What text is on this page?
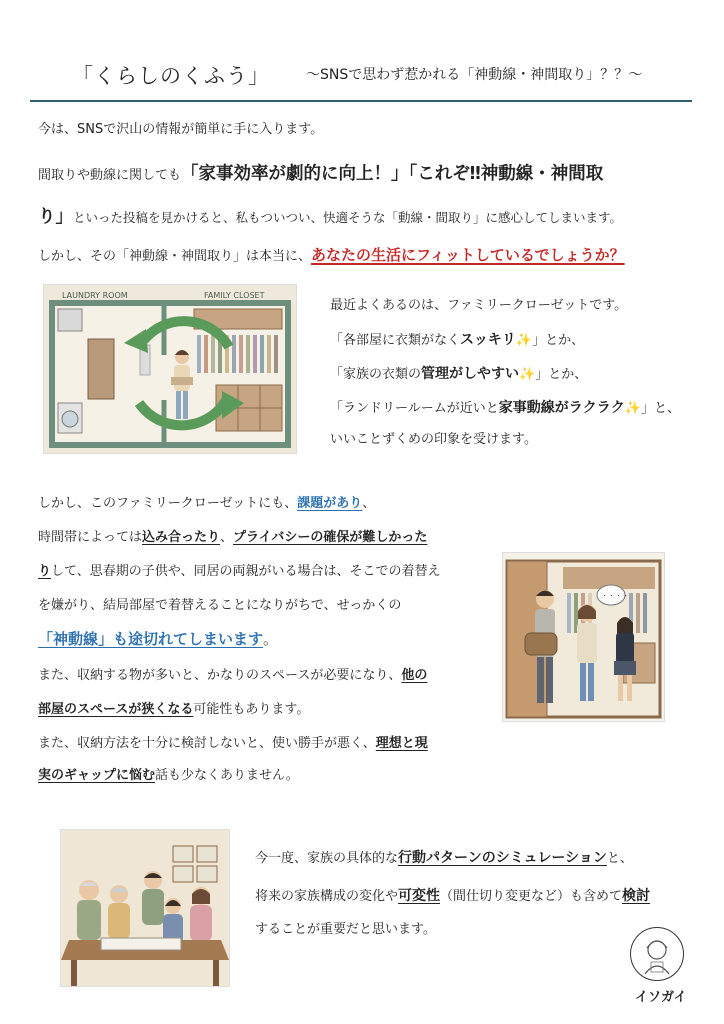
「くらしのくふう」	〜SNSで思わず惹かれる「神動線・神間取り」？？〜
今は、SNSで沢山の情報が簡単に手に入ります。
間取りや動線に関しても「家事効率が劇的に向上！」「これぞ‼神動線・神間取
り」といった投稿を見かけると、私もついつい、快適そうな「動線・間取り」に感心してしまいます。
しかし、その「神動線・神間取り」は本当に、あなたの生活にフィットしているでしょうか？
LAUNDRY ROOM	FAMILY CLOSET
最近よくあるのは、ファミリークローゼットです。
「各部屋に衣類がなくスッキリ✨」とか、
「家族の衣類の管理がしやすい✨」とか、
「ランドリールームが近いと家事動線がラクラク✨」と、
いいことずくめの印象を受けます。
しかし、このファミリークローゼットにも、課題があり、
時間帯によっては込み合ったり、プライバシーの確保が難しかった
りして、思春期の子供や、同居の両親がいる場合は、そこでの着替え
を嫌がり、結局部屋で着替えることになりがちで、せっかくの
「神動線」も途切れてしまいます。
また、収納する物が多いと、かなりのスペースが必要になり、他の
部屋のスペースが狭くなる可能性もあります。
また、収納方法を十分に検討しないと、使い勝手が悪く、理想と現
実のギャップに悩む話も少なくありません。
・・・・
今一度、家族の具体的な行動パターンのシミュレーションと、
将来の家族構成の変化や可変性（間仕切り変更など）も含めて検討
することが重要だと思います。
イソガイ
